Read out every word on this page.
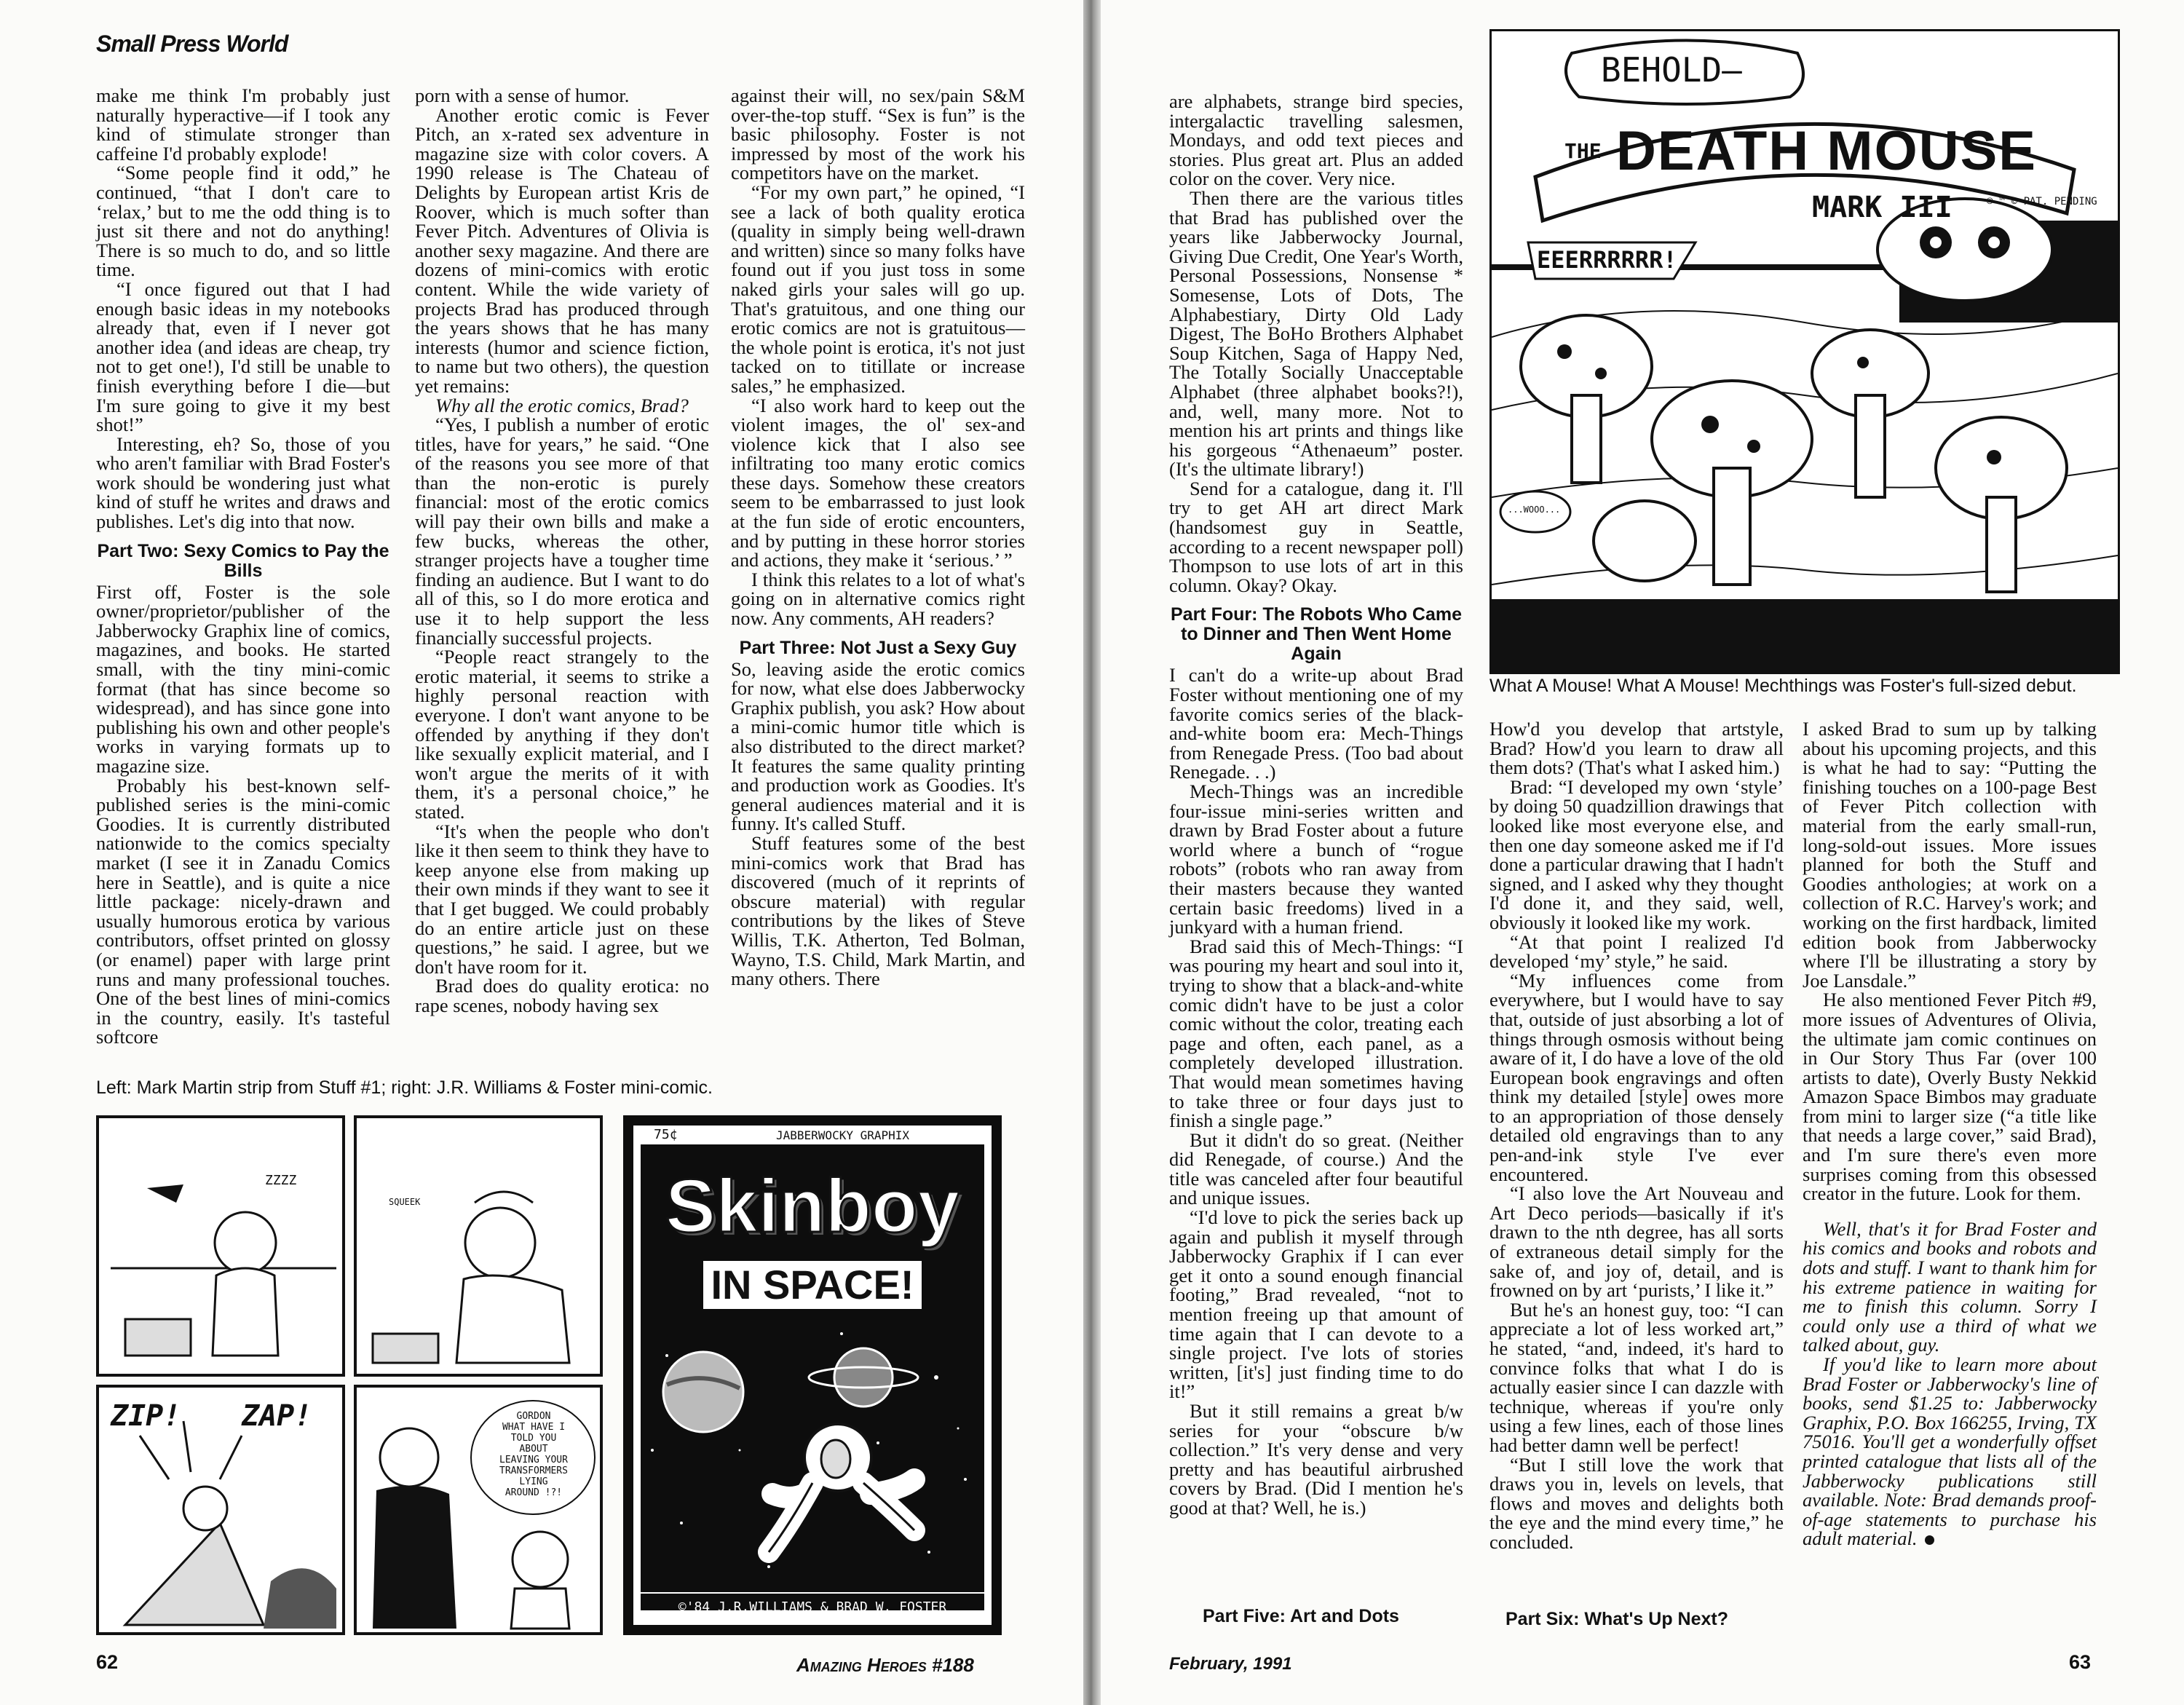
Small Press World

make me think I'm probably just naturally hyperactive—if I took any kind of stimulate stronger than caffeine I'd probably explode!

“Some people find it odd,” he continued, “that I don't care to ‘relax,’ but to me the odd thing is to just sit there and not do anything! There is so much to do, and so little time.

“I once figured out that I had enough basic ideas in my notebooks already that, even if I never got another idea (and ideas are cheap, try not to get one!), I'd still be unable to finish everything before I die—but I'm sure going to give it my best shot!”

Interesting, eh? So, those of you who aren't familiar with Brad Foster's work should be wondering just what kind of stuff he writes and draws and publishes. Let's dig into that now.

Part Two: Sexy Comics to Pay the Bills

First off, Foster is the sole owner/proprietor/publisher of the Jabberwocky Graphix line of comics, magazines, and books. He started small, with the tiny mini-comic format (that has since become so widespread), and has since gone into publishing his own and other people's works in varying formats up to magazine size.

Probably his best-known self-published series is the mini-comic Goodies. It is currently distributed nationwide to the comics specialty market (I see it in Zanadu Comics here in Seattle), and is quite a nice little package: nicely-drawn and usually humorous erotica by various contributors, offset printed on glossy (or enamel) paper with large print runs and many professional touches. One of the best lines of mini-comics in the country, easily. It's tasteful softcore

porn with a sense of humor.

Another erotic comic is Fever Pitch, an x-rated sex adventure in magazine size with color covers. A 1990 release is The Chateau of Delights by European artist Kris de Roover, which is much softer than Fever Pitch. Adventures of Olivia is another sexy magazine. And there are dozens of mini-comics with erotic content. While the wide variety of projects Brad has produced through the years shows that he has many interests (humor and science fiction, to name but two others), the question yet remains:

Why all the erotic comics, Brad?

“Yes, I publish a number of erotic titles, have for years,” he said. “One of the reasons you see more of that than the non-erotic is purely financial: most of the erotic comics will pay their own bills and make a few bucks, whereas the other, stranger projects have a tougher time finding an audience. But I want to do all of this, so I do more erotica and use it to help support the less financially successful projects.

“People react strangely to the erotic material, it seems to strike a highly personal reaction with everyone. I don't want anyone to be offended by anything if they don't like sexually explicit material, and I won't argue the merits of it with them, it's a personal choice,” he stated.

“It's when the people who don't like it then seem to think they have to keep anyone else from making up their own minds if they want to see it that I get bugged. We could probably do an entire article just on these questions,” he said. I agree, but we don't have room for it.

Brad does do quality erotica: no rape scenes, nobody having sex

against their will, no sex/pain S&M over-the-top stuff. “Sex is fun” is the basic philosophy. Foster is not impressed by most of the work his competitors have on the market.

“For my own part,” he opined, “I see a lack of both quality erotica (quality in simply being well-drawn and written) since so many folks have found out if you just toss in some naked girls your sales will go up. That's gratuitous, and one thing our erotic comics are not is gratuitous—the whole point is erotica, it's not just tacked on to titillate or increase sales,” he emphasized.

“I also work hard to keep out the violent images, the ol' sex-and violence kick that I also see infiltrating too many erotic comics these days. Somehow these creators seem to be embarrassed to just look at the fun side of erotic encounters, and by putting in these horror stories and actions, they make it ‘serious.’ ”

I think this relates to a lot of what's going on in alternative comics right now. Any comments, AH readers?

Part Three: Not Just a Sexy Guy

So, leaving aside the erotic comics for now, what else does Jabberwocky Graphix publish, you ask? How about a mini-comic humor title which is also distributed to the direct market? It features the same quality printing and production work as Goodies. It's general audiences material and it is funny. It's called Stuff.

Stuff features some of the best mini-comics work that Brad has discovered (much of it reprints of obscure material) with regular contributions by the likes of Steve Willis, T.K. Atherton, Ted Bolman, Wayno, T.S. Child, Mark Martin, and many others. There

Left: Mark Martin strip from Stuff #1; right: J.R. Williams & Foster mini-comic.
ZZZZ
SQUEEK
ZIP! ZAP!	GORDON
WHAT HAVE I
TOLD YOU
ABOUT
LEAVING YOUR
TRANSFORMERS
LYING
AROUND !?!
75¢	JABBERWOCKY GRAPHIX
Skinboy
IN SPACE!
©'84 J.R.WILLIAMS & BRAD W. FOSTER
62	Amazing Heroes #188

are alphabets, strange bird species, intergalactic travelling salesmen, Mondays, and odd text pieces and stories. Plus great art. Plus an added color on the cover. Very nice.

Then there are the various titles that Brad has published over the years like Jabberwocky Journal, Giving Due Credit, One Year's Worth, Personal Possessions, Nonsense * Somesense, Lots of Dots, The Alphabestiary, Dirty Old Lady Digest, The BoHo Brothers Alphabet Soup Kitchen, Saga of Happy Ned, The Totally Socially Unacceptable Alphabet (three alphabet books?!), and, well, many more. Not to mention his art prints and things like his gorgeous “Athenaeum” poster. (It's the ultimate library!)

Send for a catalogue, dang it. I'll try to get AH art direct Mark (handsomest guy in Seattle, according to a recent newspaper poll) Thompson to use lots of art in this column. Okay? Okay.

Part Four: The Robots Who Came to Dinner and Then Went Home Again

I can't do a write-up about Brad Foster without mentioning one of my favorite comics series of the black-and-white boom era: Mech-Things from Renegade Press. (Too bad about Renegade. . .)

Mech-Things was an incredible four-issue mini-series written and drawn by Brad Foster about a future world where a bunch of “rogue robots” (robots who ran away from their masters because they wanted certain basic freedoms) lived in a junkyard with a human friend.

Brad said this of Mech-Things: “I was pouring my heart and soul into it, trying to show that a black-and-white comic didn't have to be just a color comic without the color, treating each page and often, each panel, as a completely developed illustration. That would mean sometimes having to take three or four days just to finish a single page.”

But it didn't do so great. (Neither did Renegade, of course.) And the title was canceled after four beautiful and unique issues.

“I'd love to pick the series back up again and publish it myself through Jabberwocky Graphix if I can ever get it onto a sound enough financial footing,” Brad revealed, “not to mention freeing up that amount of time again that I can devote to a single project. I've lots of stories written, [it's] just finding time to do it!”

But it still remains a great b/w series for your “obscure b/w collection.” It's very dense and very pretty and has beautiful airbrushed covers by Brad. (Did I mention he's good at that? Well, he is.)

BEHOLD—
THE DEATH MOUSE
MARK III	® ™ © PAT. PENDING
EEERRRRRR!
...WOOO...
What A Mouse! What A Mouse! Mechthings was Foster's full-sized debut.

How'd you develop that artstyle, Brad? How'd you learn to draw all them dots? (That's what I asked him.)

Brad: “I developed my own ‘style’ by doing 50 quadzillion drawings that looked like most everyone else, and then one day someone asked me if I'd done a particular drawing that I hadn't signed, and I asked why they thought I'd done it, and they said, well, obviously it looked like my work.

“At that point I realized I'd developed ‘my’ style,” he said.

“My influences come from everywhere, but I would have to say that, outside of just absorbing a lot of things through osmosis without being aware of it, I do have a love of the old European book engravings and often think my detailed [style] owes more to an appropriation of those densely detailed old engravings than to any pen-and-ink style I've ever encountered.

“I also love the Art Nouveau and Art Deco periods—basically if it's drawn to the nth degree, has all sorts of extraneous detail simply for the sake of, and joy of, detail, and is frowned on by art ‘purists,’ I like it.”

But he's an honest guy, too: “I can appreciate a lot of less worked art,” he stated, “and, indeed, it's hard to convince folks that what I do is actually easier since I can dazzle with technique, whereas if you're only using a few lines, each of those lines had better damn well be perfect!

“But I still love the work that draws you in, levels on levels, that flows and moves and delights both the eye and the mind every time,” he concluded.

I asked Brad to sum up by talking about his upcoming projects, and this is what he had to say: “Putting the finishing touches on a 100-page Best of Fever Pitch collection with material from the early small-run, long-sold-out issues. More issues planned for both the Stuff and Goodies anthologies; at work on a collection of R.C. Harvey's work; and working on the first hardback, limited edition book from Jabberwocky where I'll be illustrating a story by Joe Lansdale.”

He also mentioned Fever Pitch #9, more issues of Adventures of Olivia, the ultimate jam comic continues on in Our Story Thus Far (over 100 artists to date), Overly Busty Nekkid Amazon Space Bimbos may graduate from mini to larger size (“a title like that needs a large cover,” said Brad), and I'm sure there's even more surprises coming from this obsessed creator in the future. Look for them.

Well, that's it for Brad Foster and his comics and books and robots and dots and stuff. I want to thank him for his extreme patience in waiting for me to finish this column. Sorry I could only use a third of what we talked about, guy.

If you'd like to learn more about Brad Foster or Jabberwocky's line of books, send $1.25 to: Jabberwocky Graphix, P.O. Box 166255, Irving, TX 75016. You'll get a wonderfully offset printed catalogue that lists all of the Jabberwocky publications still available. Note: Brad demands proof-of-age statements to purchase his adult material.

Part Five: Art and Dots	Part Six: What's Up Next?
February, 1991	63
